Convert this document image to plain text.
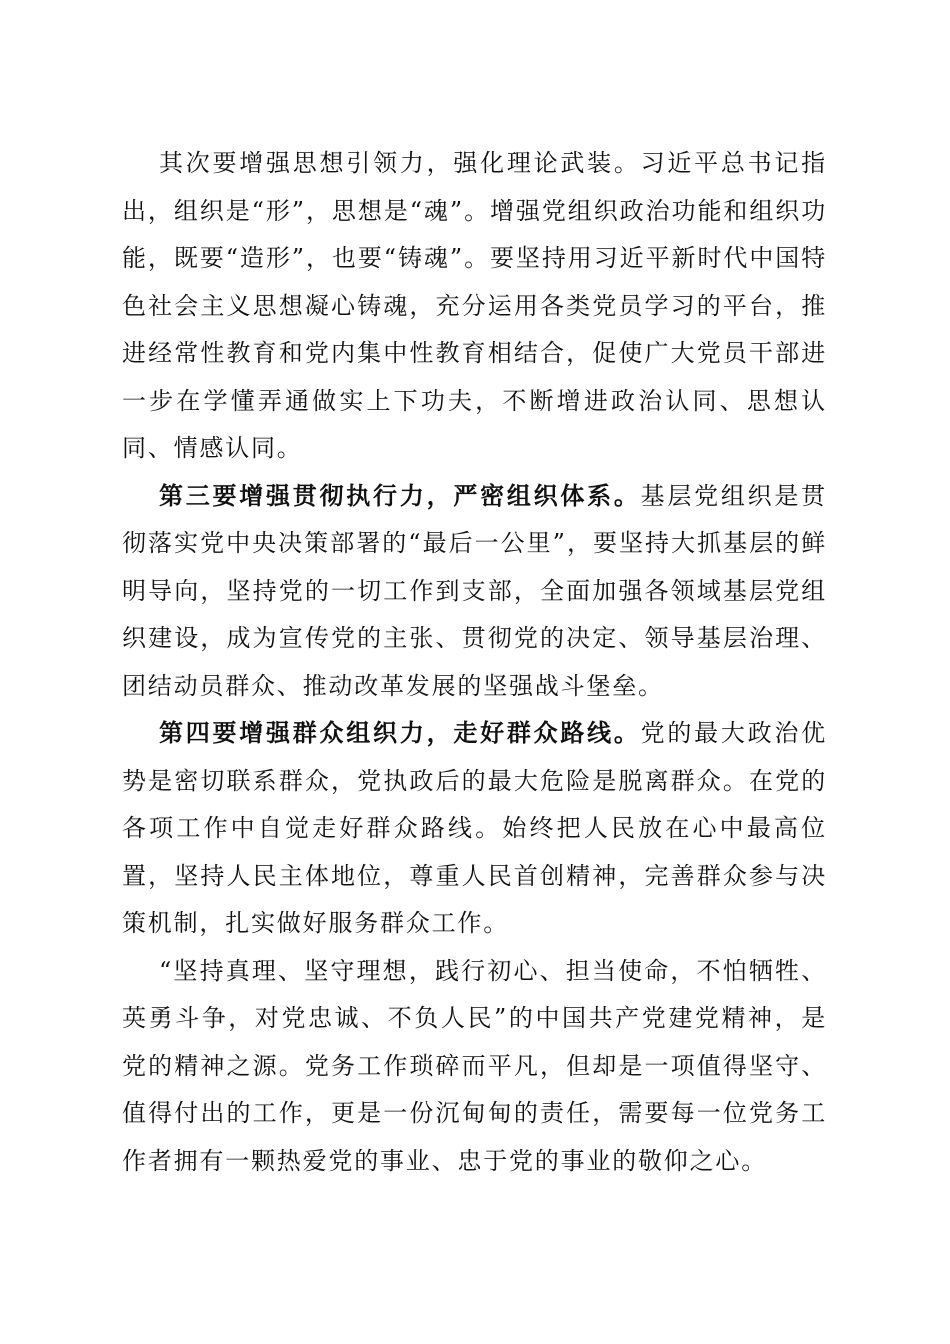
其次要增强思想引领力，强化理论武装。习近平总书记指出，组织是“形”，思想是“魂”。增强党组织政治功能和组织功能，既要“造形”，也要“铸魂”。要坚持用习近平新时代中国特色社会主义思想凝心铸魂，充分运用各类党员学习的平台，推进经常性教育和党内集中性教育相结合，促使广大党员干部进一步在学懂弄通做实上下功夫，不断增进政治认同、思想认同、情感认同。

第三要增强贯彻执行力，严密组织体系。基层党组织是贯彻落实党中央决策部署的“最后一公里”，要坚持大抓基层的鲜明导向，坚持党的一切工作到支部，全面加强各领域基层党组织建设，成为宣传党的主张、贯彻党的决定、领导基层治理、团结动员群众、推动改革发展的坚强战斗堡垒。

第四要增强群众组织力，走好群众路线。党的最大政治优势是密切联系群众，党执政后的最大危险是脱离群众。在党的各项工作中自觉走好群众路线。始终把人民放在心中最高位置，坚持人民主体地位，尊重人民首创精神，完善群众参与决策机制，扎实做好服务群众工作。

“坚持真理、坚守理想，践行初心、担当使命，不怕牺牲、英勇斗争，对党忠诚、不负人民”的中国共产党建党精神，是党的精神之源。党务工作琐碎而平凡，但却是一项值得坚守、值得付出的工作，更是一份沉甸甸的责任，需要每一位党务工作者拥有一颗热爱党的事业、忠于党的事业的敬仰之心。
